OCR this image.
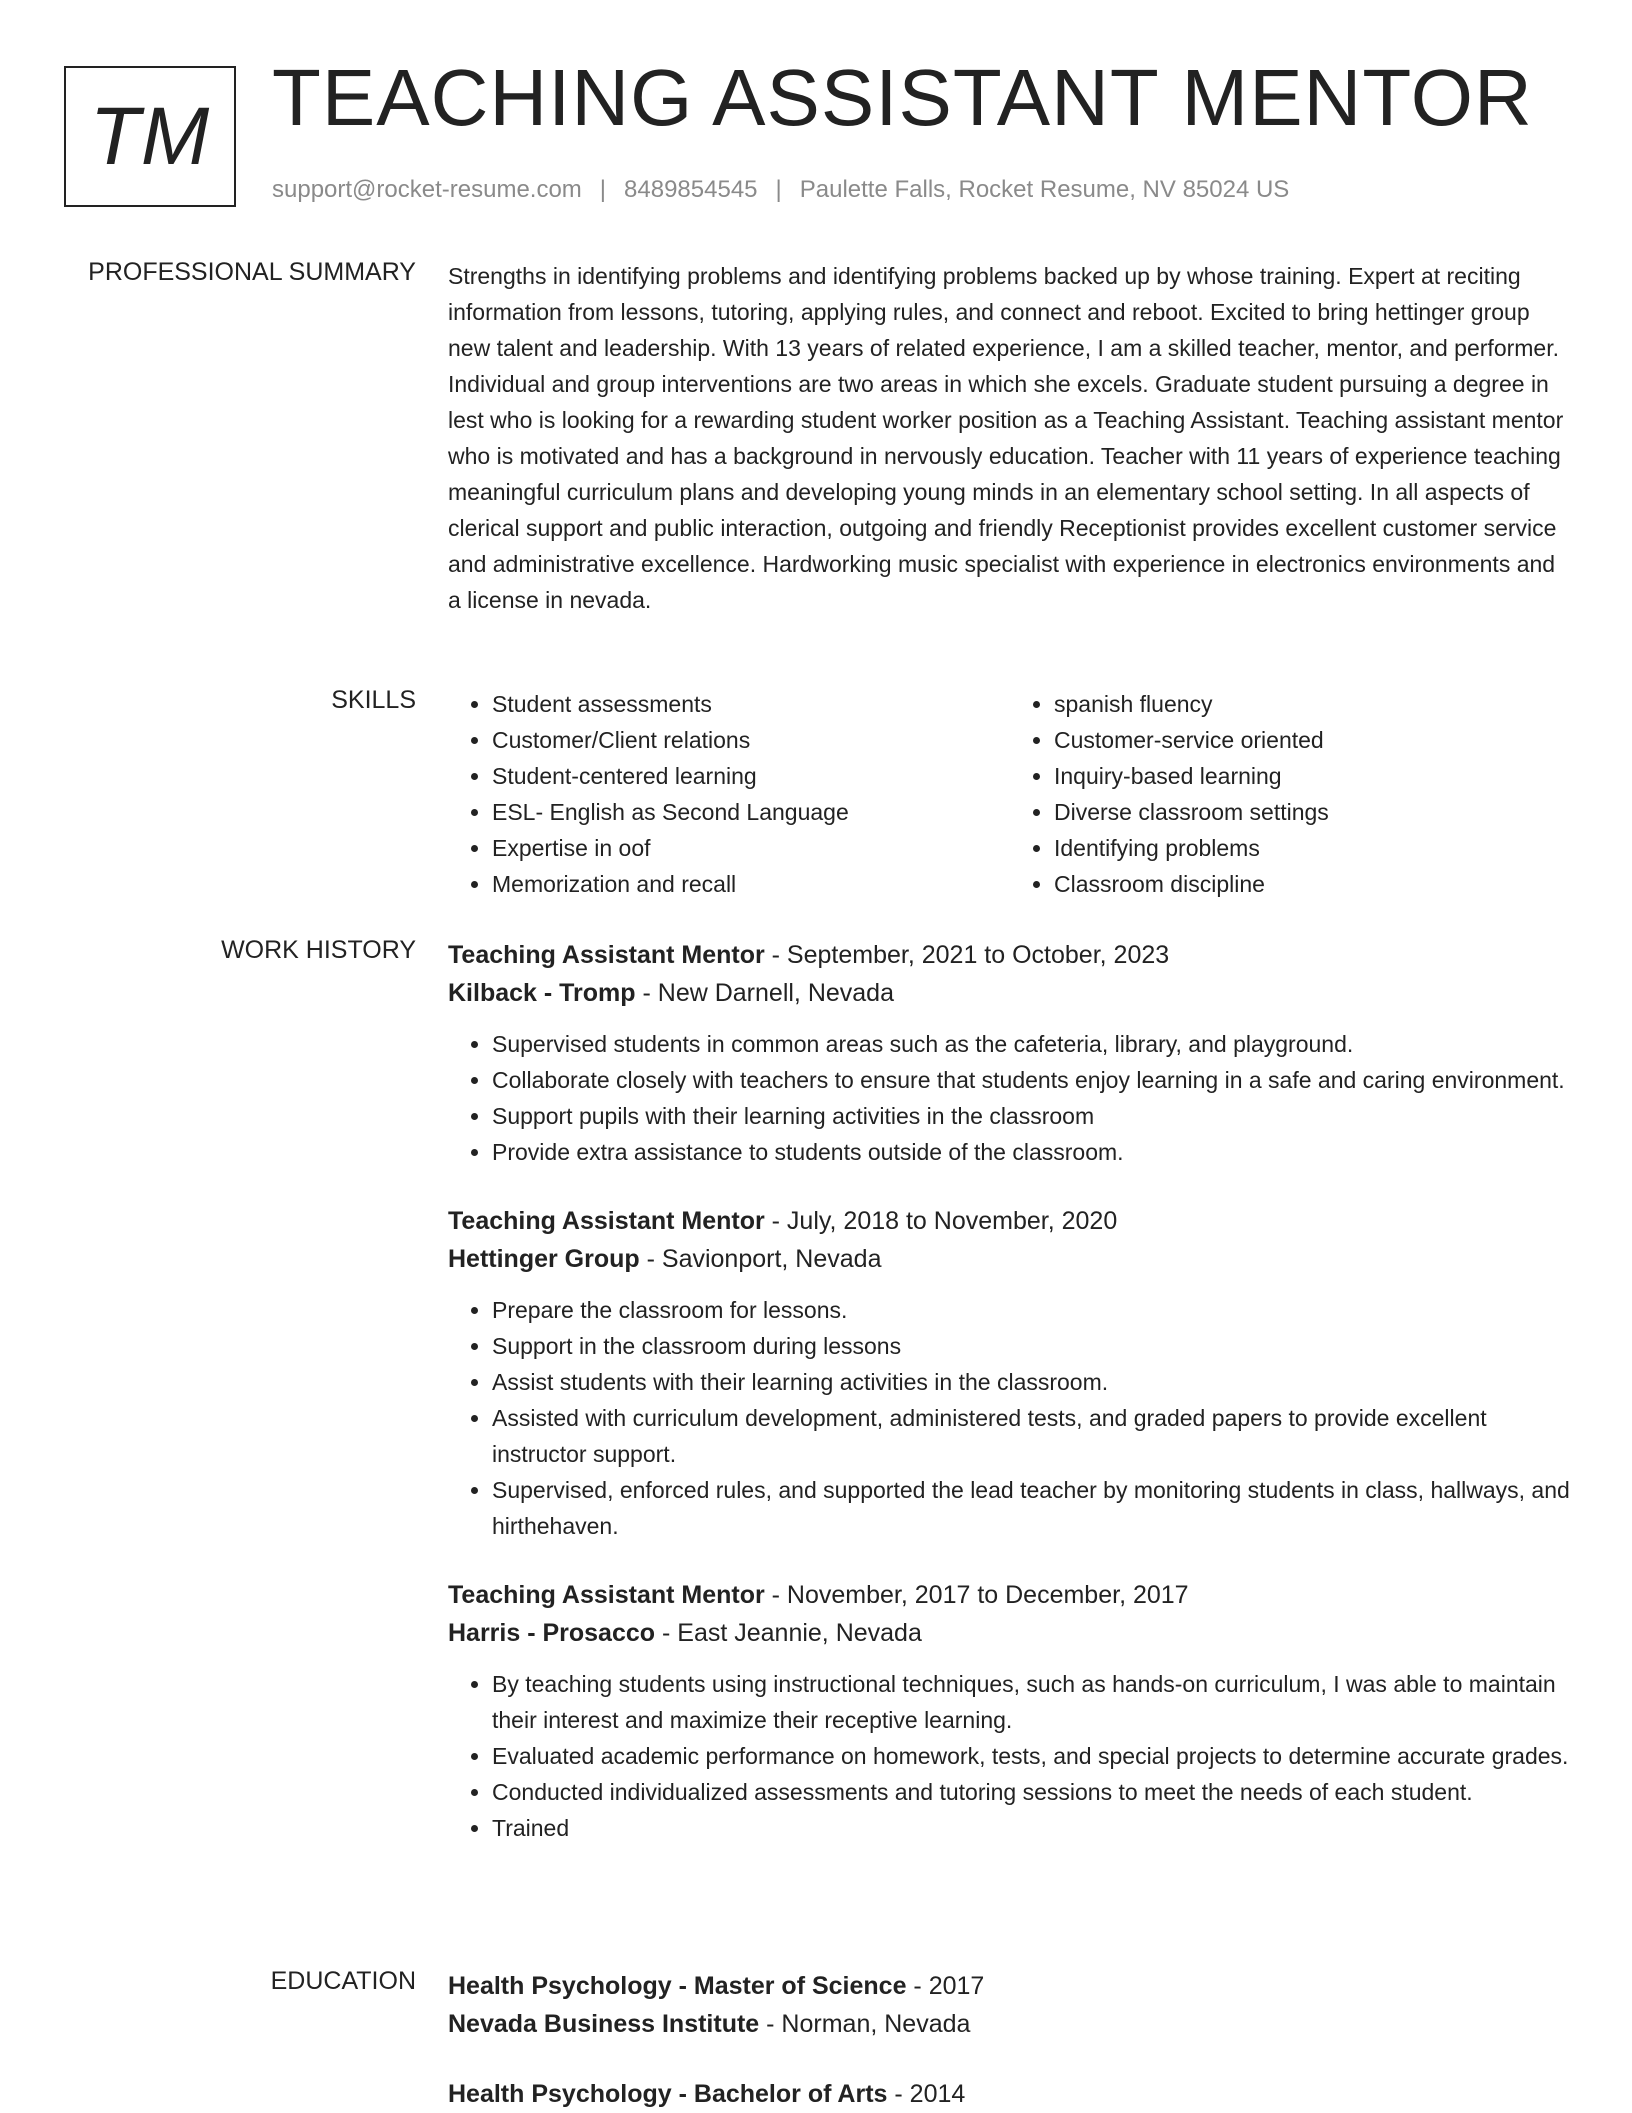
TM TEACHING ASSISTANT MENTOR
support@rocket-resume.com | 8489854545 | Paulette Falls, Rocket Resume, NV 85024 US
PROFESSIONAL SUMMARY Strengths in identifying problems and identifying problems backed up by whose training. Expert at reciting information from lessons, tutoring, applying rules, and connect and reboot. Excited to bring hettinger group new talent and leadership. With 13 years of related experience, I am a skilled teacher, mentor, and performer. Individual and group interventions are two areas in which she excels. Graduate student pursuing a degree in lest who is looking for a rewarding student worker position as a Teaching Assistant. Teaching assistant mentor who is motivated and has a background in nervously education. Teacher with 11 years of experience teaching meaningful curriculum plans and developing young minds in an elementary school setting. In all aspects of clerical support and public interaction, outgoing and friendly Receptionist provides excellent customer service and administrative excellence. Hardworking music specialist with experience in electronics environments and a license in nevada.

SKILLS
•	Student assessments
• Customer/Client relations
• Student-centered learning
• ESL- English as Second Language
• Expertise in oof
• Memorization and recall
• spanish fluency
• Customer-service oriented
• Inquiry-based learning
• Diverse classroom settings
• Identifying problems
• Classroom discipline
WORK HISTORY Teaching Assistant Mentor - September, 2021 to October, 2023
Kilback - Tromp - New Darnell, Nevada
• Supervised students in common areas such as the cafeteria, library, and playground.
• Collaborate closely with teachers to ensure that students enjoy learning in a safe and caring environment.
• Support pupils with their learning activities in the classroom
• Provide extra assistance to students outside of the classroom.
Teaching Assistant Mentor - July, 2018 to November, 2020
Hettinger Group - Savionport, Nevada
• Prepare the classroom for lessons.
• Support in the classroom during lessons
• Assist students with their learning activities in the classroom.
• Assisted with curriculum development, administered tests, and graded papers to provide excellent instructor support.
• Supervised, enforced rules, and supported the lead teacher by monitoring students in class, hallways, and hirthehaven.
Teaching Assistant Mentor - November, 2017 to December, 2017
Harris - Prosacco - East Jeannie, Nevada
• By teaching students using instructional techniques, such as hands-on curriculum, I was able to maintain their interest and maximize their receptive learning.
• Evaluated academic performance on homework, tests, and special projects to determine accurate grades.
• Conducted individualized assessments and tutoring sessions to meet the needs of each student.
• Trained
EDUCATION Health Psychology - Master of Science - 2017
Nevada Business Institute - Norman, Nevada
Health Psychology - Bachelor of Arts - 2014
